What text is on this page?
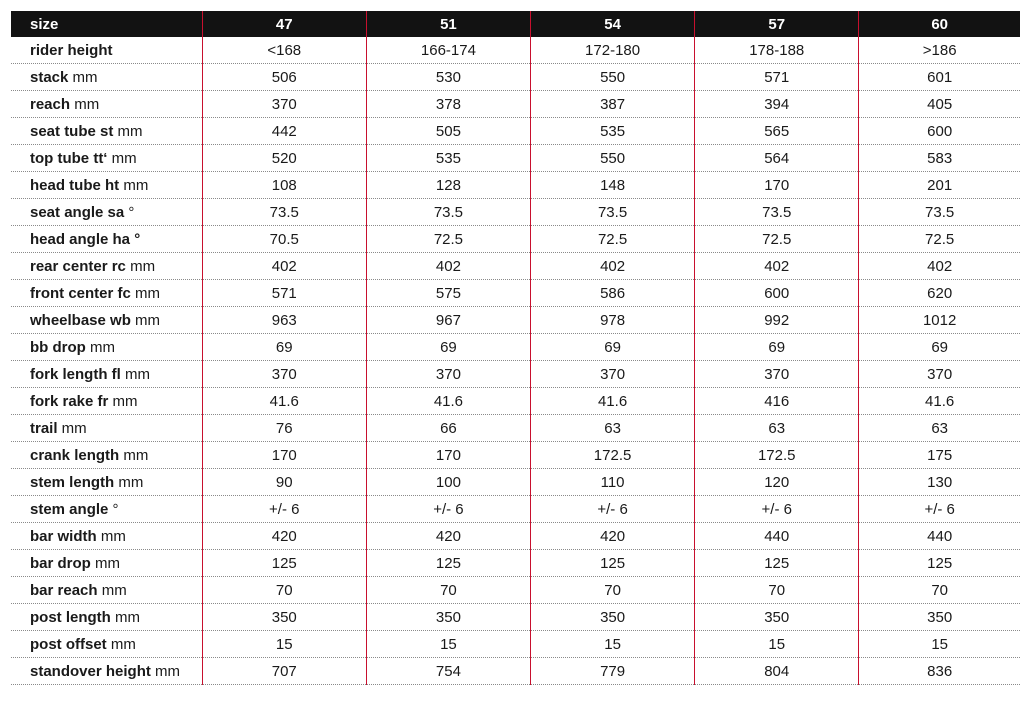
size	47	51	54	57	60
rider height	<168	166-174	172-180	178-188	>186
stack mm	506	530	550	571	601
reach mm	370	378	387	394	405
seat tube st mm	442	505	535	565	600
top tube tt‘ mm	520	535	550	564	583
head tube ht mm	108	128	148	170	201
seat angle sa °	73.5	73.5	73.5	73.5	73.5
head angle ha °	70.5	72.5	72.5	72.5	72.5
rear center rc mm	402	402	402	402	402
front center fc mm	571	575	586	600	620
wheelbase wb mm	963	967	978	992	1012
bb drop mm	69	69	69	69	69
fork length fl mm	370	370	370	370	370
fork rake fr mm	41.6	41.6	41.6	416	41.6
trail mm	76	66	63	63	63
crank length mm	170	170	172.5	172.5	175
stem length mm	90	100	110	120	130
stem angle °	+/- 6	+/- 6	+/- 6	+/- 6	+/- 6
bar width mm	420	420	420	440	440
bar drop mm	125	125	125	125	125
bar reach mm	70	70	70	70	70
post length mm	350	350	350	350	350
post offset mm	15	15	15	15	15
standover height mm	707	754	779	804	836
